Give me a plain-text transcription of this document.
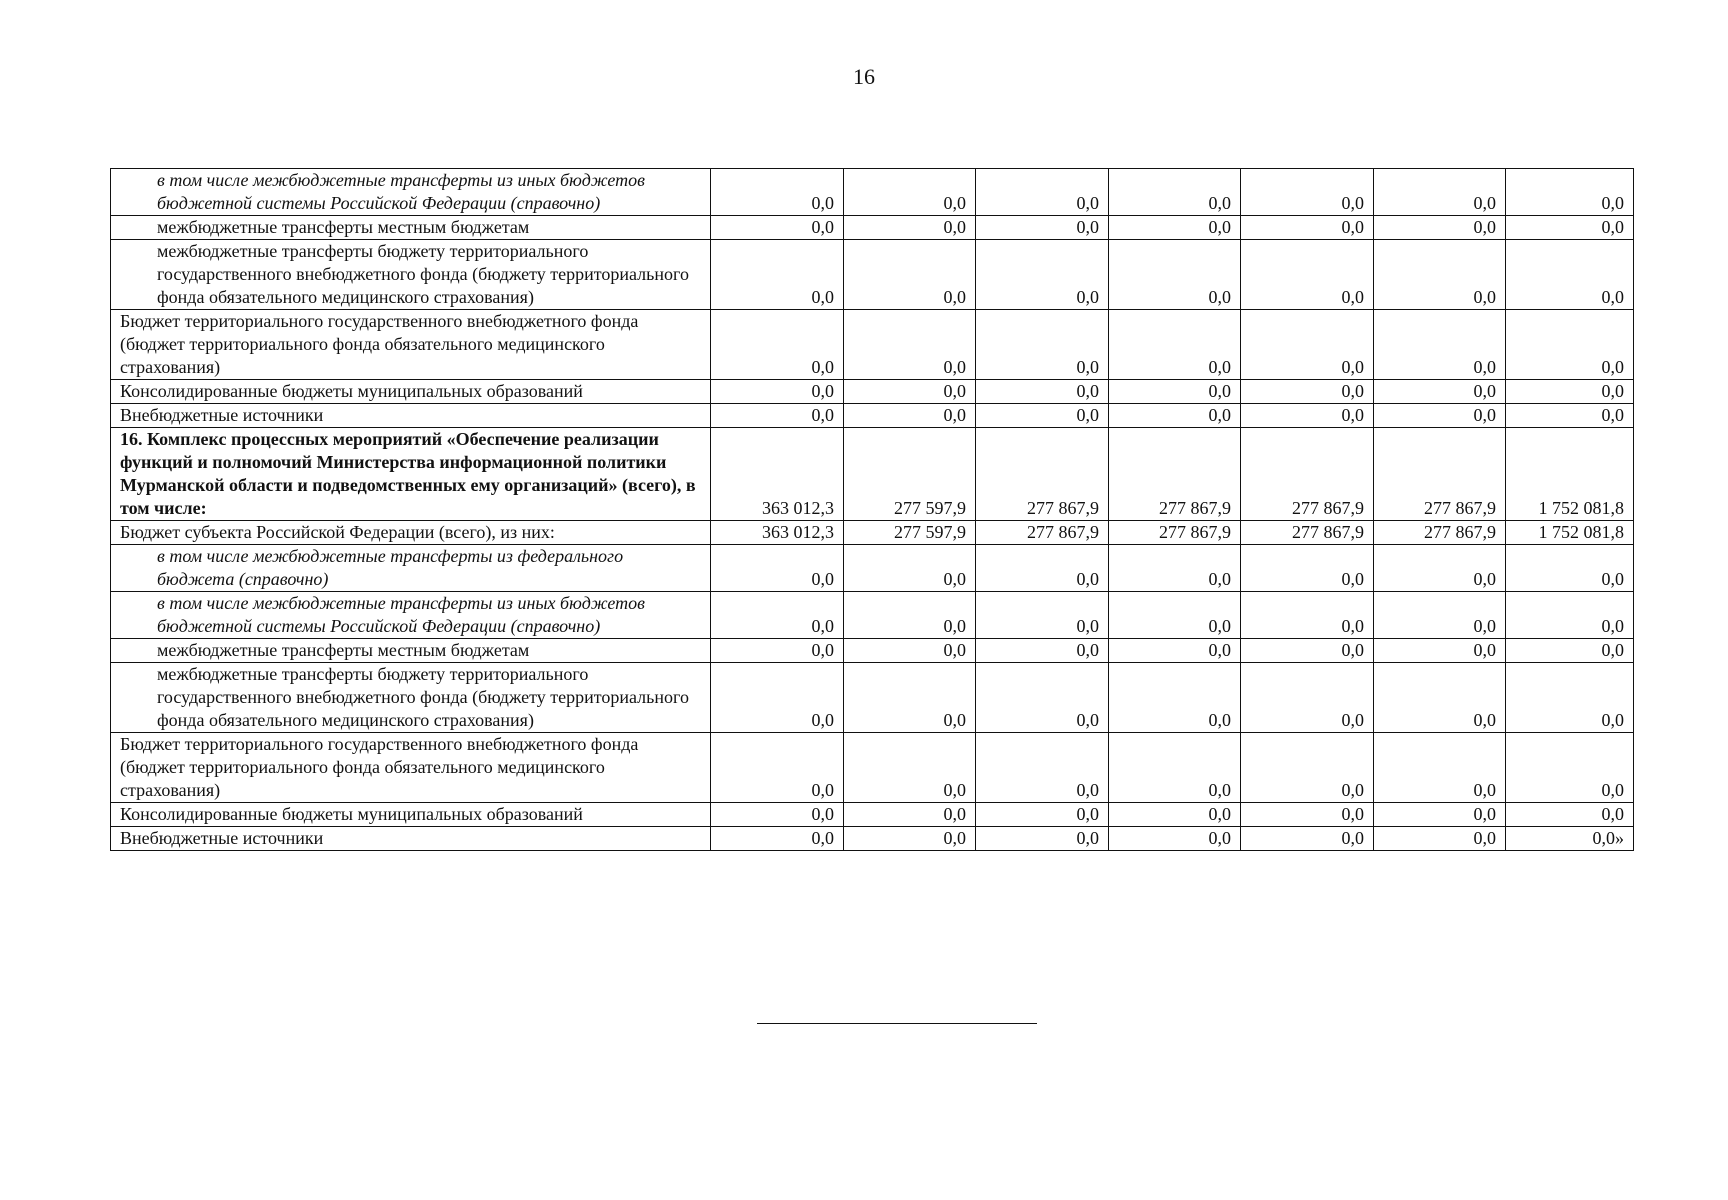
16
в том числе межбюджетные трансферты из иных бюджетов бюджетной системы Российской Федерации (справочно)	0,0	0,0	0,0	0,0	0,0	0,0	0,0
межбюджетные трансферты местным бюджетам	0,0	0,0	0,0	0,0	0,0	0,0	0,0
межбюджетные трансферты бюджету территориального государственного внебюджетного фонда (бюджету территориального фонда обязательного медицинского страхования)	0,0	0,0	0,0	0,0	0,0	0,0	0,0
Бюджет территориального государственного внебюджетного фонда (бюджет территориального фонда обязательного медицинского страхования)	0,0	0,0	0,0	0,0	0,0	0,0	0,0
Консолидированные бюджеты муниципальных образований	0,0	0,0	0,0	0,0	0,0	0,0	0,0
Внебюджетные источники	0,0	0,0	0,0	0,0	0,0	0,0	0,0
16. Комплекс процессных мероприятий «Обеспечение реализации функций и полномочий Министерства информационной политики Мурманской области и подведомственных ему организаций» (всего), в том числе:	363 012,3	277 597,9	277 867,9	277 867,9	277 867,9	277 867,9	1 752 081,8
Бюджет субъекта Российской Федерации (всего), из них:	363 012,3	277 597,9	277 867,9	277 867,9	277 867,9	277 867,9	1 752 081,8
в том числе межбюджетные трансферты из федерального бюджета (справочно)	0,0	0,0	0,0	0,0	0,0	0,0	0,0
в том числе межбюджетные трансферты из иных бюджетов бюджетной системы Российской Федерации (справочно)	0,0	0,0	0,0	0,0	0,0	0,0	0,0
межбюджетные трансферты местным бюджетам	0,0	0,0	0,0	0,0	0,0	0,0	0,0
межбюджетные трансферты бюджету территориального государственного внебюджетного фонда (бюджету территориального фонда обязательного медицинского страхования)	0,0	0,0	0,0	0,0	0,0	0,0	0,0
Бюджет территориального государственного внебюджетного фонда (бюджет территориального фонда обязательного медицинского страхования)	0,0	0,0	0,0	0,0	0,0	0,0	0,0
Консолидированные бюджеты муниципальных образований	0,0	0,0	0,0	0,0	0,0	0,0	0,0
Внебюджетные источники	0,0	0,0	0,0	0,0	0,0	0,0	0,0»
